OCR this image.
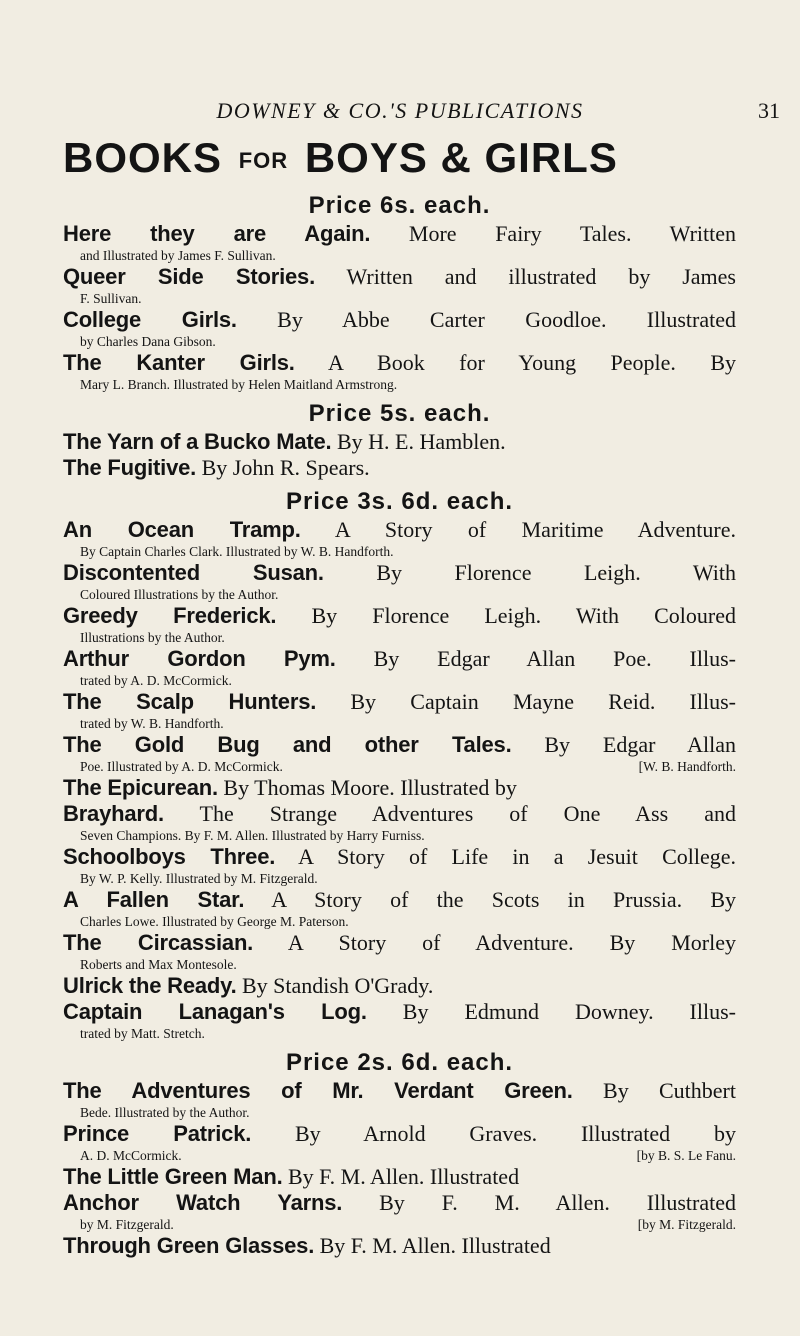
DOWNEY & CO.'S PUBLICATIONS	31
BOOKS FOR BOYS & GIRLS
Price 6s. each.
Here they are Again. More Fairy Tales. Written
and Illustrated by James F. Sullivan.
Queer Side Stories. Written and illustrated by James
F. Sullivan.
College Girls. By Abbe Carter Goodloe. Illustrated
by Charles Dana Gibson.
The Kanter Girls. A Book for Young People. By
Mary L. Branch. Illustrated by Helen Maitland Armstrong.
Price 5s. each.
The Yarn of a Bucko Mate. By H. E. Hamblen.
The Fugitive. By John R. Spears.
Price 3s. 6d. each.
An Ocean Tramp. A Story of Maritime Adventure.
By Captain Charles Clark. Illustrated by W. B. Handforth.
Discontented Susan. By Florence Leigh. With
Coloured Illustrations by the Author.
Greedy Frederick. By Florence Leigh. With Coloured
Illustrations by the Author.
Arthur Gordon Pym. By Edgar Allan Poe. Illus-
trated by A. D. McCormick.
The Scalp Hunters. By Captain Mayne Reid. Illus-
trated by W. B. Handforth.
The Gold Bug and other Tales. By Edgar Allan
Poe. Illustrated by A. D. McCormick.	[W. B. Handforth.
The Epicurean. By Thomas Moore. Illustrated by
Brayhard. The Strange Adventures of One Ass and
Seven Champions. By F. M. Allen. Illustrated by Harry Furniss.
Schoolboys Three. A Story of Life in a Jesuit College.
By W. P. Kelly. Illustrated by M. Fitzgerald.
A Fallen Star. A Story of the Scots in Prussia. By
Charles Lowe. Illustrated by George M. Paterson.
The Circassian. A Story of Adventure. By Morley
Roberts and Max Montesole.
Ulrick the Ready. By Standish O'Grady.
Captain Lanagan's Log. By Edmund Downey. Illus-
trated by Matt. Stretch.
Price 2s. 6d. each.
The Adventures of Mr. Verdant Green. By Cuthbert
Bede. Illustrated by the Author.
Prince Patrick. By Arnold Graves. Illustrated by
A. D. McCormick.	[by B. S. Le Fanu.
The Little Green Man. By F. M. Allen. Illustrated
Anchor Watch Yarns. By F. M. Allen. Illustrated
by M. Fitzgerald.	[by M. Fitzgerald.
Through Green Glasses. By F. M. Allen. Illustrated
